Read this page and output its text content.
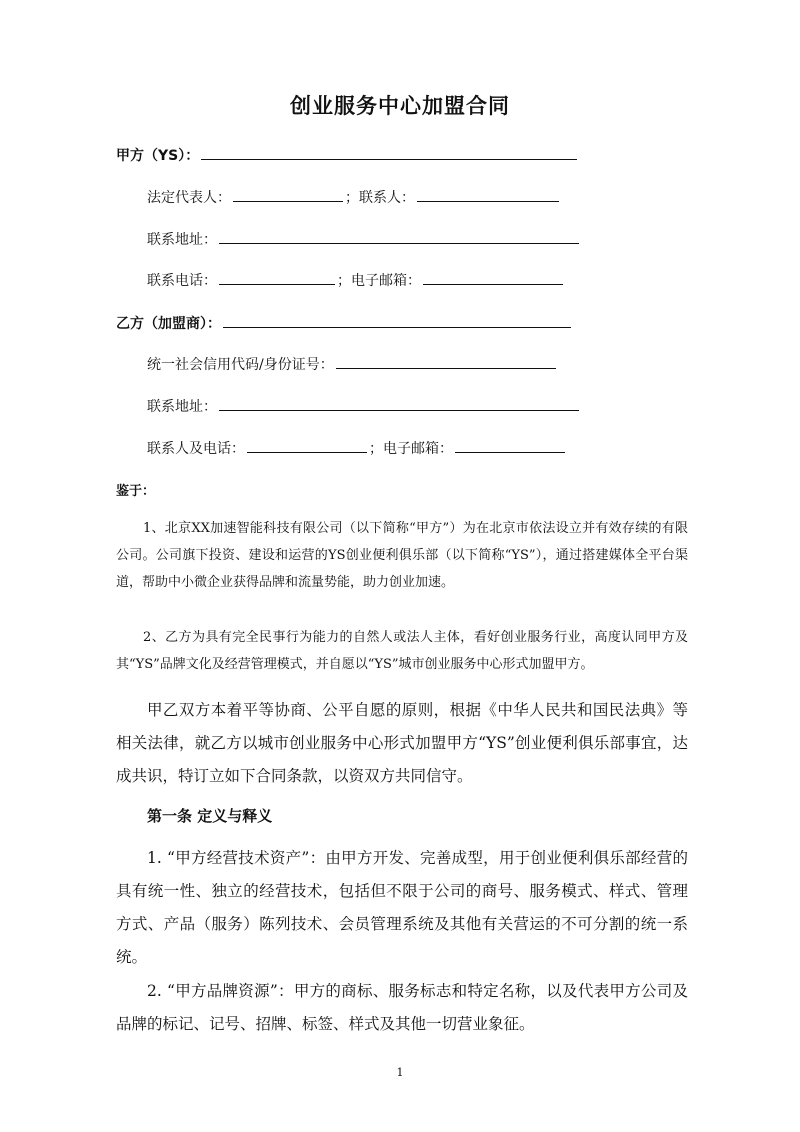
创业服务中心加盟合同
甲方（YS）：
法定代表人：	；联系人：
联系地址：
联系电话：	；电子邮箱：
乙方（加盟商）：
统一社会信用代码/身份证号：
联系地址：
联系人及电话：	；电子邮箱：
鉴于：
1、北京XX加速智能科技有限公司（以下简称“甲方”）为在北京市依法设立并有效存续的有限公司。公司旗下投资、建设和运营的YS创业便利俱乐部（以下简称“YS”），通过搭建媒体全平台渠道，帮助中小微企业获得品牌和流量势能，助力创业加速。
2、乙方为具有完全民事行为能力的自然人或法人主体，看好创业服务行业，高度认同甲方及其“YS”品牌文化及经营管理模式，并自愿以“YS”城市创业服务中心形式加盟甲方。
甲乙双方本着平等协商、公平自愿的原则，根据《中华人民共和国民法典》等相关法律，就乙方以城市创业服务中心形式加盟甲方“YS”创业便利俱乐部事宜，达成共识，特订立如下合同条款，以资双方共同信守。
第一条 定义与释义
1. “甲方经营技术资产”：由甲方开发、完善成型，用于创业便利俱乐部经营的具有统一性、独立的经营技术，包括但不限于公司的商号、服务模式、样式、管理方式、产品（服务）陈列技术、会员管理系统及其他有关营运的不可分割的统一系统。
2. “甲方品牌资源”：甲方的商标、服务标志和特定名称，以及代表甲方公司及品牌的标记、记号、招牌、标签、样式及其他一切营业象征。
1
